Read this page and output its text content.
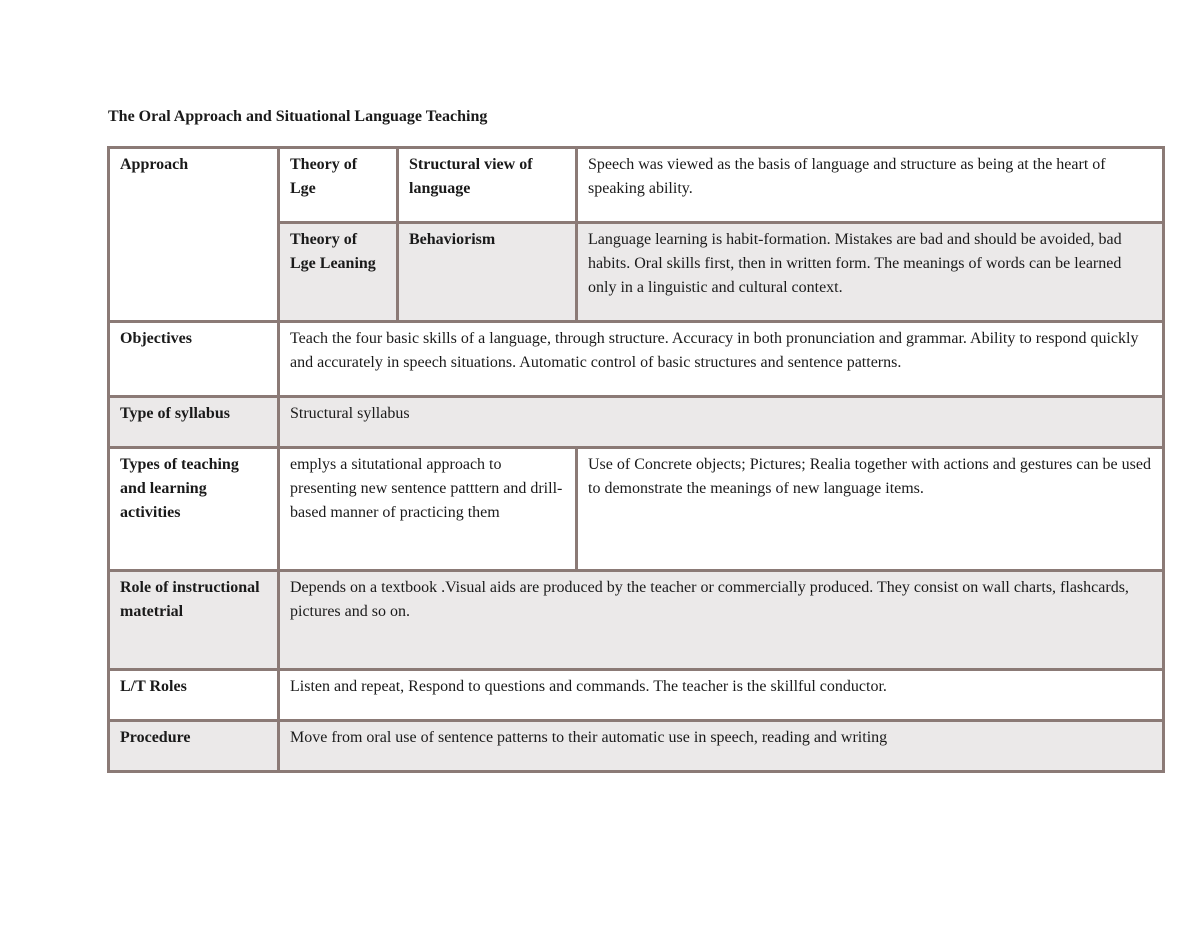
The Oral Approach and Situational Language Teaching
Approach	Theory of Lge	Structural view of language	Speech was viewed as the basis of language and structure as being at the heart of speaking ability.
	Theory of Lge Leaning	Behaviorism	Language learning is habit-formation. Mistakes are bad and should be avoided, bad habits. Oral skills first, then in written form. The meanings of words can be learned only in a linguistic and cultural context.
Objectives	Teach the four basic skills of a language, through structure. Accuracy in both pronunciation and grammar. Ability to respond quickly and accurately in speech situations. Automatic control of basic structures and sentence patterns.		
Type of syllabus	Structural syllabus		
Types of teaching and learning activities	emplys a situtational approach to presenting new sentence patttern and drill- based manner of practicing them		Use of Concrete objects; Pictures; Realia together with actions and gestures can be used to demonstrate the meanings of new language items.
Role of instructional matetrial	Depends on a textbook .Visual aids are produced by the teacher or commercially produced. They consist on wall charts, flashcards, pictures and so on.		
L/T Roles	Listen and repeat, Respond to questions and commands. The teacher is the skillful conductor.		
Procedure	Move from oral use of sentence patterns to their automatic use in speech, reading and writing		
